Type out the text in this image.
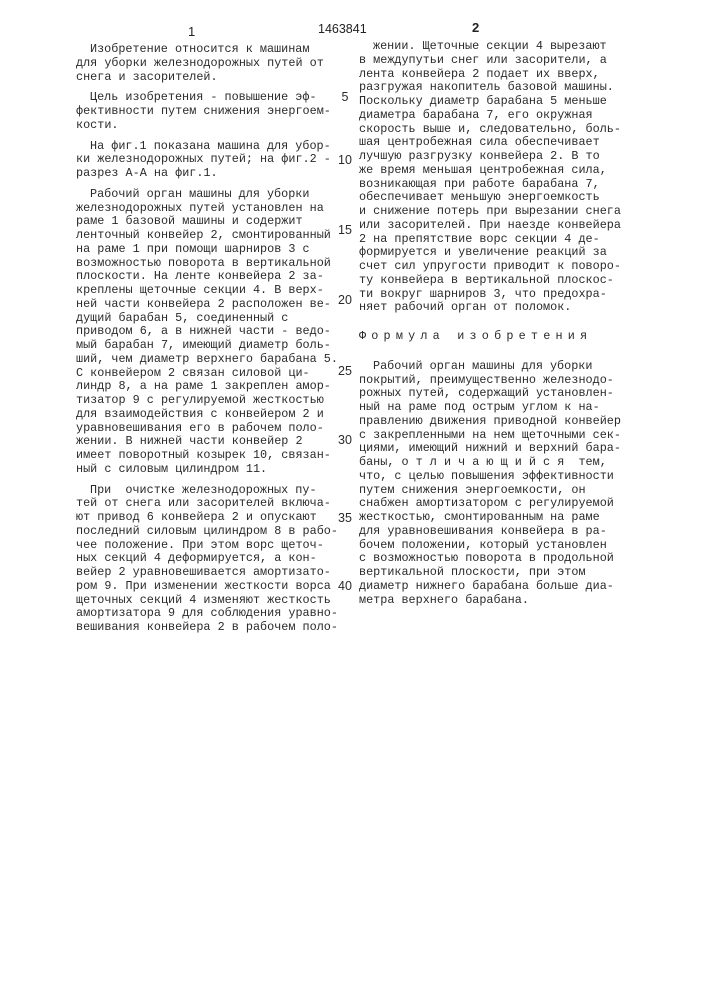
1	1463841	2
Изобретение относится к машинам
для уборки железнодорожных путей от
снега и засорителей.
Цель изобретения - повышение эф-
фективности путем снижения энергоем-
кости.
На фиг.1 показана машина для убор-
ки железнодорожных путей; на фиг.2 -
разрез А-А на фиг.1.
Рабочий орган машины для уборки
железнодорожных путей установлен на
раме 1 базовой машины и содержит
ленточный конвейер 2, смонтированный
на раме 1 при помощи шарниров 3 с
возможностью поворота в вертикальной
плоскости. На ленте конвейера 2 за-
креплены щеточные секции 4. В верх-
ней части конвейера 2 расположен ве-
дущий барабан 5, соединенный с
приводом 6, а в нижней части - ведо-
мый барабан 7, имеющий диаметр боль-
ший, чем диаметр верхнего барабана 5.
С конвейером 2 связан силовой ци-
линдр 8, а на раме 1 закреплен амор-
тизатор 9 с регулируемой жесткостью
для взаимодействия с конвейером 2 и
уравновешивания его в рабочем поло-
жении. В нижней части конвейер 2
имеет поворотный козырек 10, связан-
ный с силовым цилиндром 11.
При  очистке железнодорожных пу-
тей от снега или засорителей включа-
ют привод 6 конвейера 2 и опускают
последний силовым цилиндром 8 в рабо-
чее положение. При этом ворс щеточ-
ных секций 4 деформируется, а кон-
вейер 2 уравновешивается амортизато-
ром 9. При изменении жесткости ворса
щеточных секций 4 изменяют жесткость
амортизатора 9 для соблюдения уравно-
вешивания конвейера 2 в рабочем поло-
жении. Щеточные секции 4 вырезают
в междупутьи снег или засорители, а
лента конвейера 2 подает их вверх,
разгружая накопитель базовой машины.
Поскольку диаметр барабана 5 меньше
диаметра барабана 7, его окружная
скорость выше и, следовательно, боль-
шая центробежная сила обеспечивает
лучшую разгрузку конвейера 2. В то
же время меньшая центробежная сила,
возникающая при работе барабана 7,
обеспечивает меньшую энергоемкость
и снижение потерь при вырезании снега
или засорителей. При наезде конвейера
2 на препятствие ворс секции 4 де-
формируется и увеличение реакций за
счет сил упругости приводит к поворо-
ту конвейера в вертикальной плоскос-
ти вокруг шарниров 3, что предохра-
няет рабочий орган от поломок.
Формула изобретения
Рабочий орган машины для уборки
покрытий, преимущественно железнодо-
рожных путей, содержащий установлен-
ный на раме под острым углом к на-
правлению движения приводной конвейер
с закрепленными на нем щеточными сек-
циями, имеющий нижний и верхний бара-
баны, о т л и ч а ю щ и й с я  тем,
что, с целью повышения эффективности
путем снижения энергоемкости, он
снабжен амортизатором с регулируемой
жесткостью, смонтированным на раме
для уравновешивания конвейера в ра-
бочем положении, который установлен
с возможностью поворота в продольной
вертикальной плоскости, при этом
диаметр нижнего барабана больше диа-
метра верхнего барабана.
5
10
15
20
25
30
35
40
